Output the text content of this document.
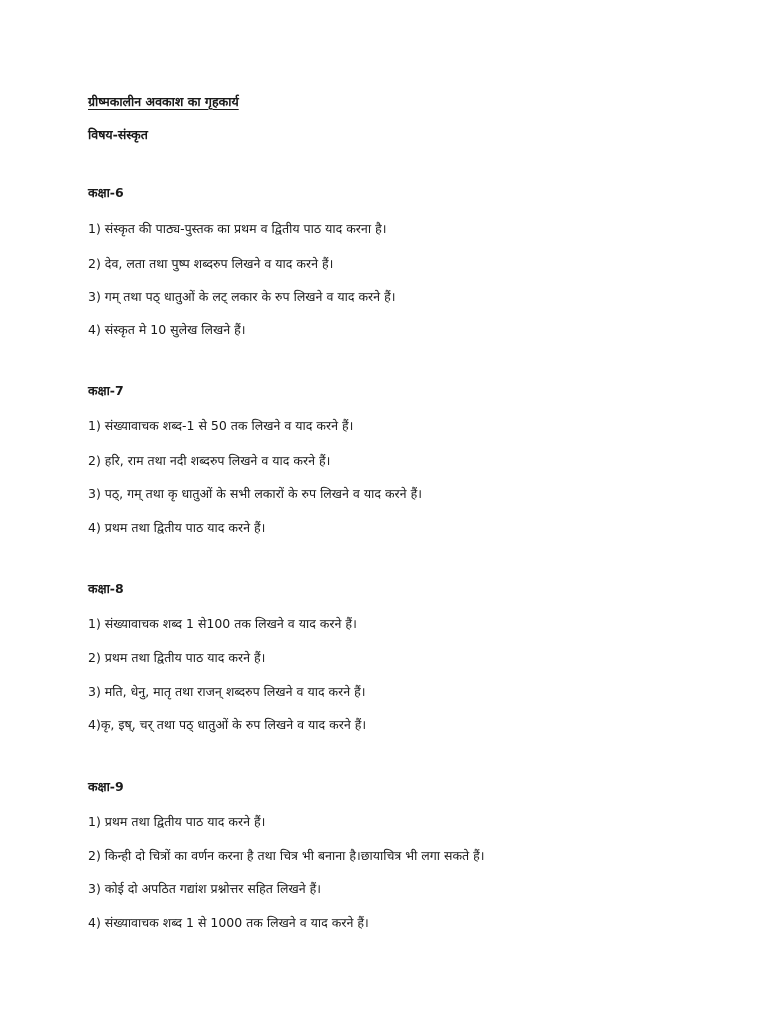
ग्रीष्मकालीन अवकाश का गृहकार्य
विषय-संस्कृत
कक्षा-6
1) संस्कृत की पाठ्य-पुस्तक का प्रथम व द्वितीय पाठ याद करना है।
2) देव, लता तथा पुष्प शब्दरुप लिखने व याद करने हैं।
3) गम् तथा पठ् धातुओं के लट् लकार के रुप लिखने व याद करने हैं।
4) संस्कृत मे 10 सुलेख लिखने हैं।
कक्षा-7
1) संख्यावाचक शब्द-1 से 50 तक लिखने व याद करने हैं।
2) हरि, राम तथा नदी शब्दरुप लिखने व याद करने हैं।
3) पठ्, गम् तथा कृ धातुओं के सभी लकारों के रुप लिखने व याद करने हैं।
4) प्रथम तथा द्वितीय पाठ याद करने हैं।
कक्षा-8
1) संख्यावाचक शब्द 1 से100 तक लिखने व याद करने हैं।
2) प्रथम तथा द्वितीय पाठ याद करने हैं।
3) मति, धेनु, मातृ तथा राजन् शब्दरुप लिखने व याद करने हैं।
4)कृ, इष्, चर् तथा पठ् धातुओं के रुप लिखने व याद करने हैं।
कक्षा-9
1) प्रथम तथा द्वितीय पाठ याद करने हैं।
2) किन्ही दो चित्रों का वर्णन करना है तथा चित्र भी बनाना है।छायाचित्र भी लगा सकते हैं।
3) कोई दो अपठित गद्यांश प्रश्नोत्तर सहित लिखने हैं।
4) संख्यावाचक शब्द 1 से 1000 तक लिखने व याद करने हैं।
